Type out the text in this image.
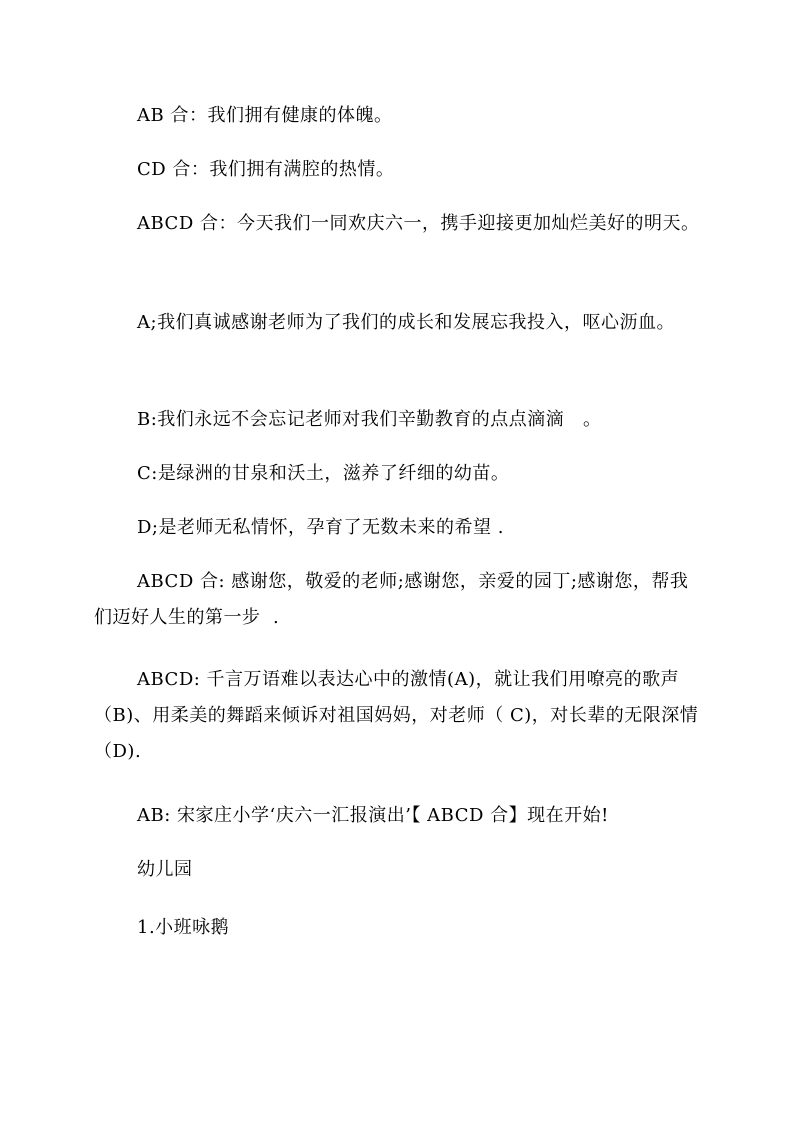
AB 合：我们拥有健康的体魄。

CD 合：我们拥有满腔的热情。

ABCD 合：今天我们一同欢庆六一，携手迎接更加灿烂美好的明天。

A;我们真诚感谢老师为了我们的成长和发展忘我投入，呕心沥血。

B:我们永远不会忘记老师对我们辛勤教育的点点滴滴   。

C:是绿洲的甘泉和沃土，滋养了纤细的幼苗。

D;是老师无私情怀，孕育了无数未来的希望 .

ABCD 合: 感谢您，敬爱的老师;感谢您，亲爱的园丁;感谢您，帮我们迈好人生的第一步  .

ABCD: 千言万语难以表达心中的激情(A)，就让我们用嘹亮的歌声（B)、用柔美的舞蹈来倾诉对祖国妈妈，对老师（ C)，对长辈的无限深情（D).

AB: 宋家庄小学‘庆六一汇报演出’【 ABCD 合】现在开始!

幼儿园

1.小班咏鹅
